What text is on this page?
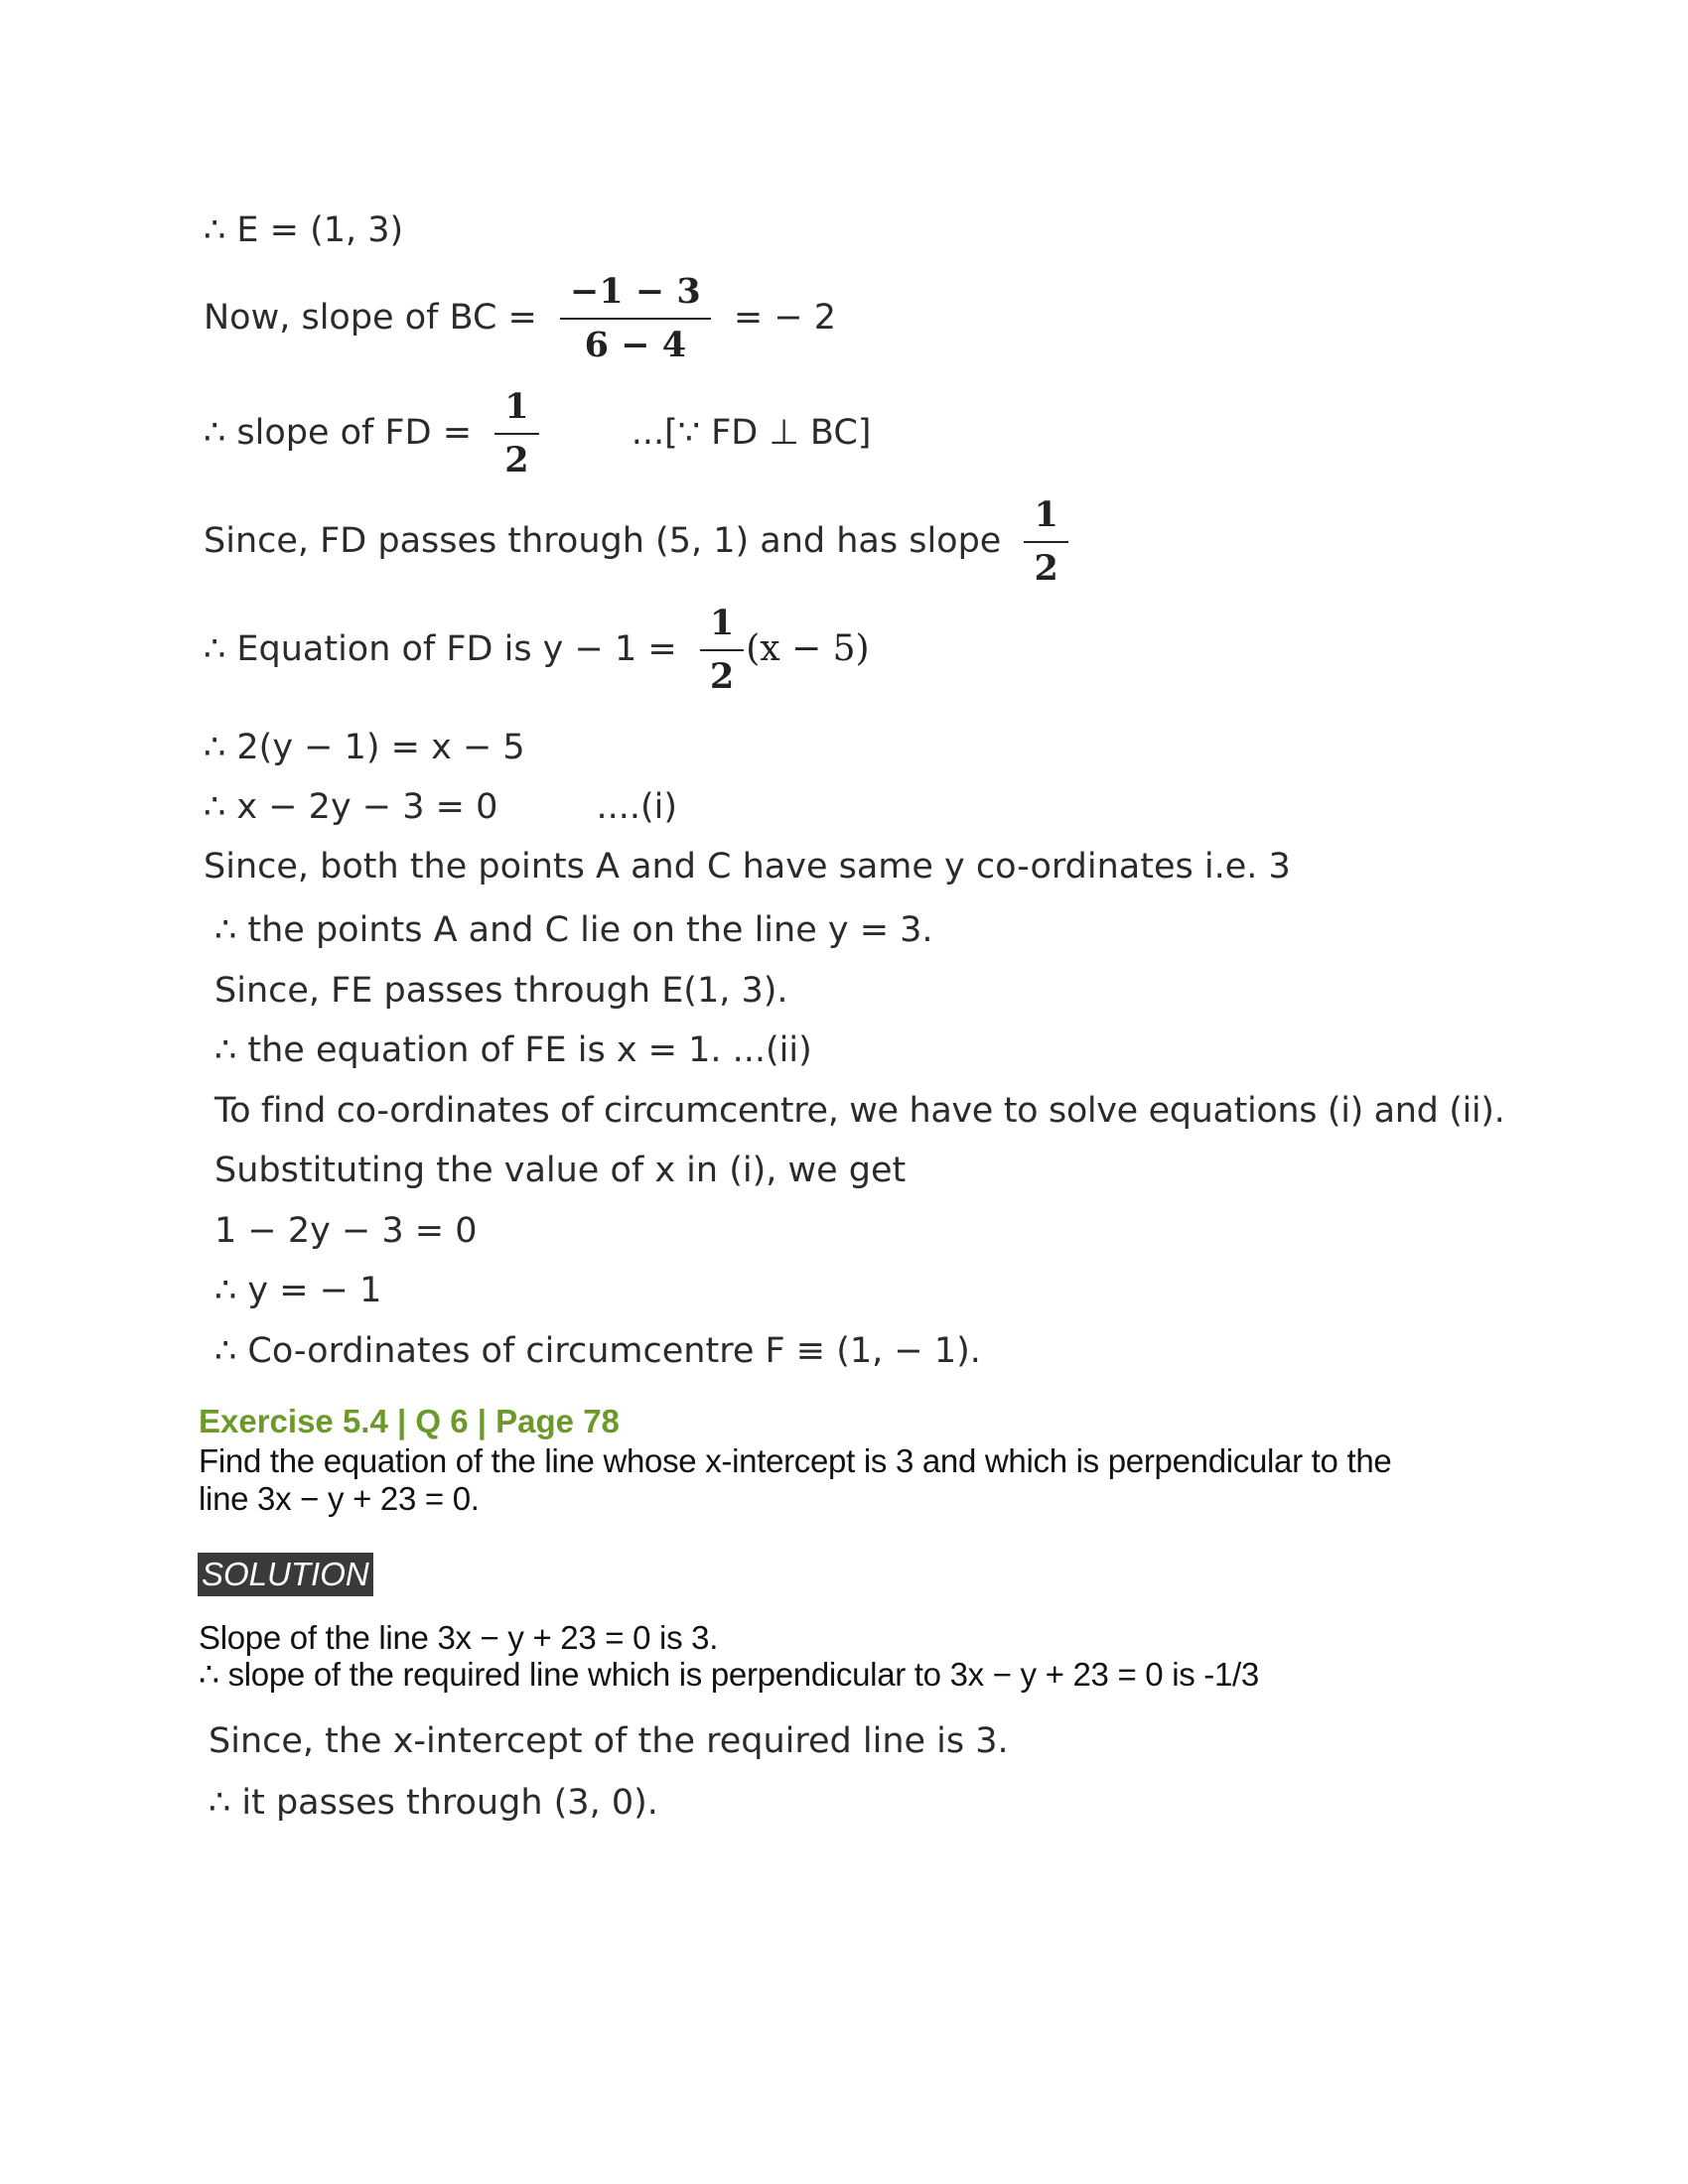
∴ E = (1, 3)
Now, slope of BC = $\frac{-1 - 3}{6 - 4}$ = − 2
∴ slope of FD = $\frac{1}{2}$	...[∵ FD ⊥ BC]
Since, FD passes through (5, 1) and has slope $\frac{1}{2}$
∴ Equation of FD is $y - 1 = \frac{1}{2} (x - 5)$
∴ 2(y − 1) = x − 5
∴ x − 2y − 3 = 0	....(i)
Since, both the points A and C have same y co-ordinates i.e. 3
∴ the points A and C lie on the line y = 3.
Since, FE passes through E(1, 3).
∴ the equation of FE is x = 1. ...(ii)
To find co-ordinates of circumcentre, we have to solve equations (i) and (ii).
Substituting the value of x in (i), we get
1 − 2y − 3 = 0
∴ y = − 1
∴ Co-ordinates of circumcentre F ≡ (1, − 1).
Exercise 5.4 | Q 6 | Page 78
Find the equation of the line whose x-intercept is 3 and which is perpendicular to the
line 3x − y + 23 = 0.
SOLUTION
Slope of the line 3x − y + 23 = 0 is 3.
∴ slope of the required line which is perpendicular to 3x − y + 23 = 0 is -1/3
Since, the x-intercept of the required line is 3.
∴ it passes through (3, 0).
